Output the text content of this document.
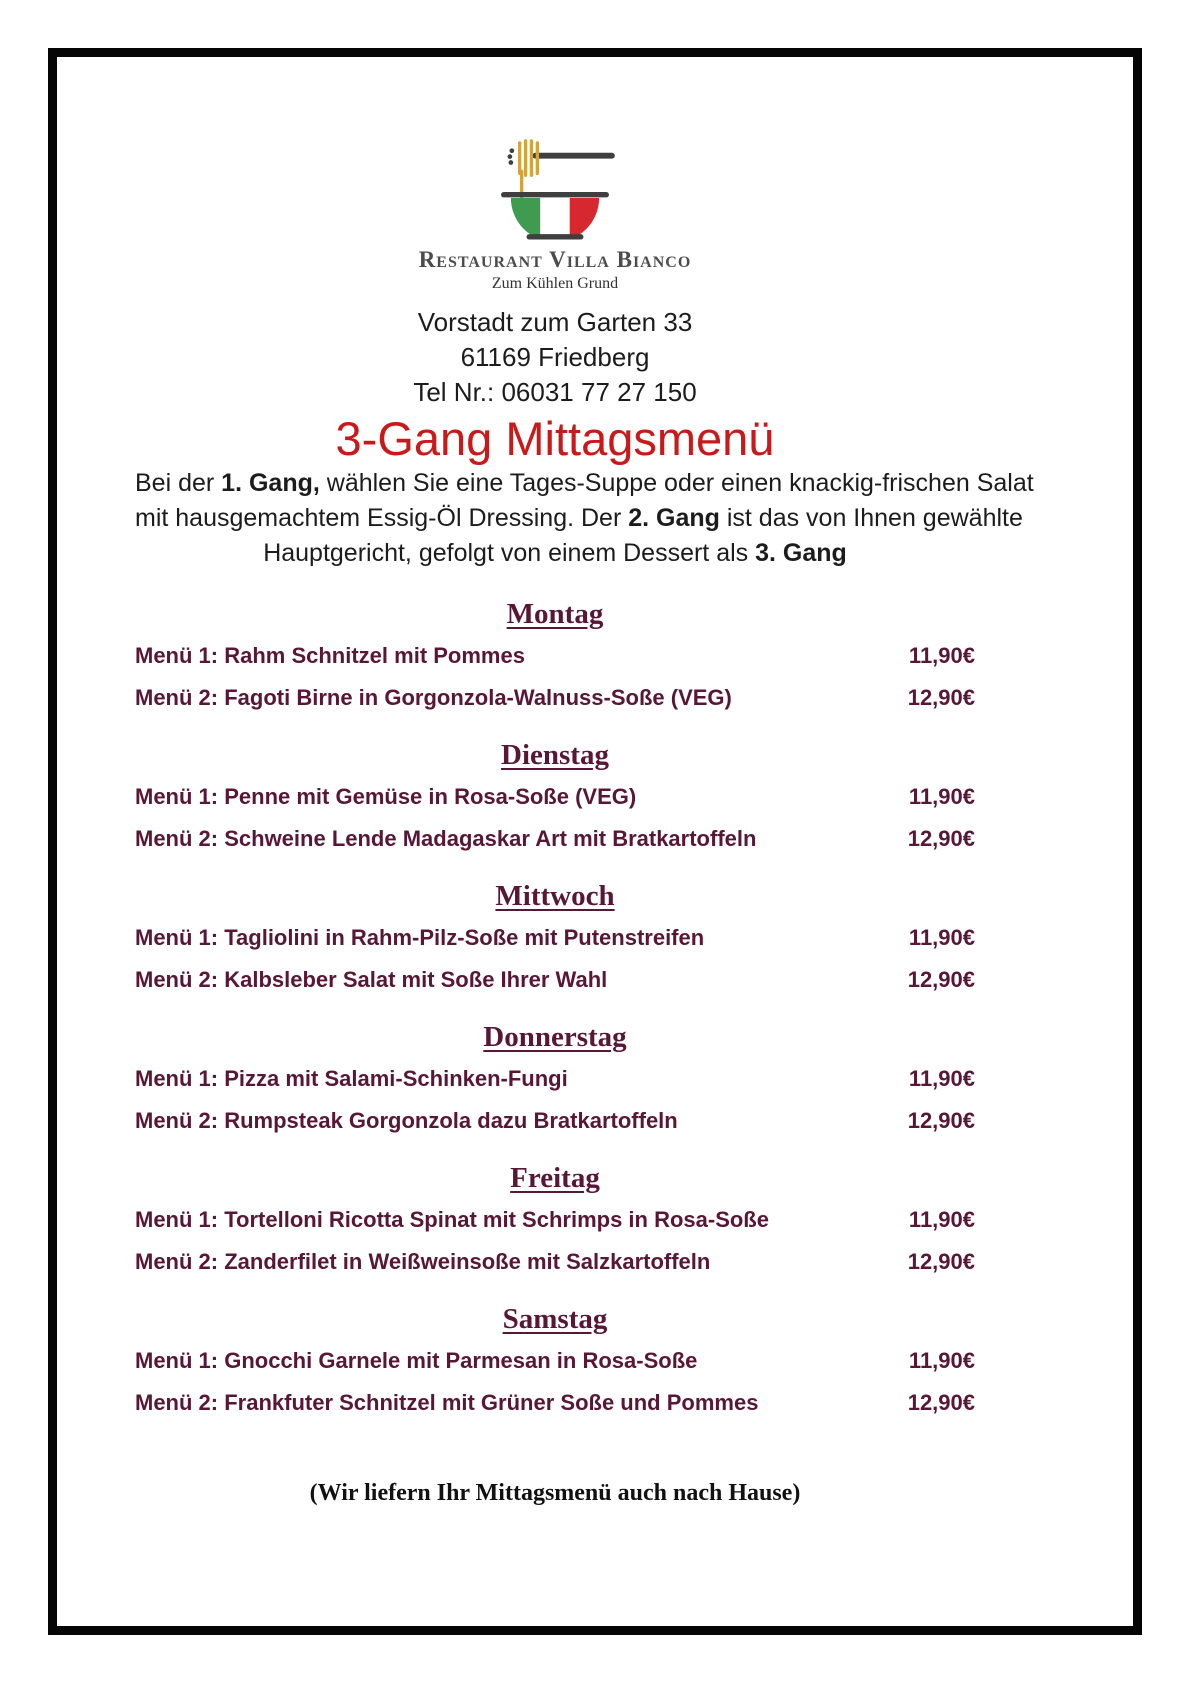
Restaurant Villa Bianco
Zum Kühlen Grund
Vorstadt zum Garten 33
61169 Friedberg
Tel Nr.: 06031 77 27 150
3-Gang Mittagsmenü
Bei der 1. Gang, wählen Sie eine Tages-Suppe oder einen knackig-frischen Salat
mit hausgemachtem Essig-Öl Dressing. Der 2. Gang ist das von Ihnen gewählte
Hauptgericht, gefolgt von einem Dessert als 3. Gang
Montag
Menü 1: Rahm Schnitzel mit Pommes	11,90€
Menü 2: Fagoti Birne in Gorgonzola-Walnuss-Soße (VEG)	12,90€
Dienstag
Menü 1: Penne mit Gemüse in Rosa-Soße (VEG)	11,90€
Menü 2: Schweine Lende Madagaskar Art mit Bratkartoffeln	12,90€
Mittwoch
Menü 1: Tagliolini in Rahm-Pilz-Soße mit Putenstreifen	11,90€
Menü 2: Kalbsleber Salat mit Soße Ihrer Wahl	12,90€
Donnerstag
Menü 1: Pizza mit Salami-Schinken-Fungi	11,90€
Menü 2: Rumpsteak Gorgonzola dazu Bratkartoffeln	12,90€
Freitag
Menü 1: Tortelloni Ricotta Spinat mit Schrimps in Rosa-Soße	11,90€
Menü 2: Zanderfilet in Weißweinsoße mit Salzkartoffeln	12,90€
Samstag
Menü 1: Gnocchi Garnele mit Parmesan in Rosa-Soße	11,90€
Menü 2: Frankfuter Schnitzel mit Grüner Soße und Pommes	12,90€
(Wir liefern Ihr Mittagsmenü auch nach Hause)
